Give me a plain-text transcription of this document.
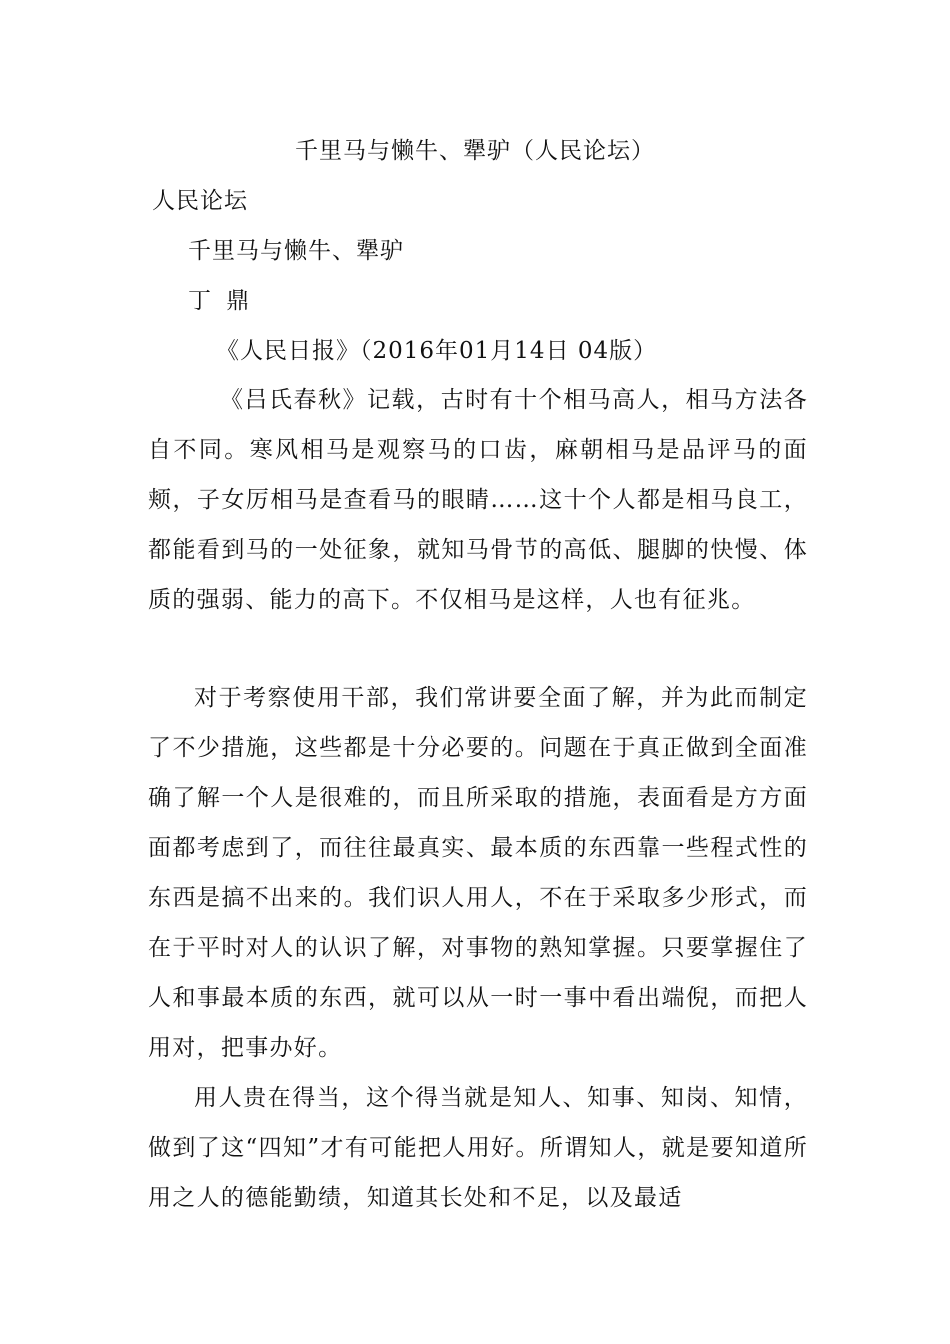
千里马与懒牛、犟驴（人民论坛）
人民论坛
千里马与懒牛、犟驴
丁 鼎
《人民日报》（2016年01月14日 04版）

《吕氏春秋》记载，古时有十个相马高人，相马方法各自不同。寒风相马是观察马的口齿，麻朝相马是品评马的面颊，子女厉相马是查看马的眼睛……这十个人都是相马良工，都能看到马的一处征象，就知马骨节的高低、腿脚的快慢、体质的强弱、能力的高下。不仅相马是这样，人也有征兆。

对于考察使用干部，我们常讲要全面了解，并为此而制定了不少措施，这些都是十分必要的。问题在于真正做到全面准确了解一个人是很难的，而且所采取的措施，表面看是方方面面都考虑到了，而往往最真实、最本质的东西靠一些程式性的东西是搞不出来的。我们识人用人，不在于采取多少形式，而在于平时对人的认识了解，对事物的熟知掌握。只要掌握住了人和事最本质的东西，就可以从一时一事中看出端倪，而把人用对，把事办好。

用人贵在得当，这个得当就是知人、知事、知岗、知情，做到了这“四知”才有可能把人用好。所谓知人，就是要知道所用之人的德能勤绩，知道其长处和不足，以及最适
